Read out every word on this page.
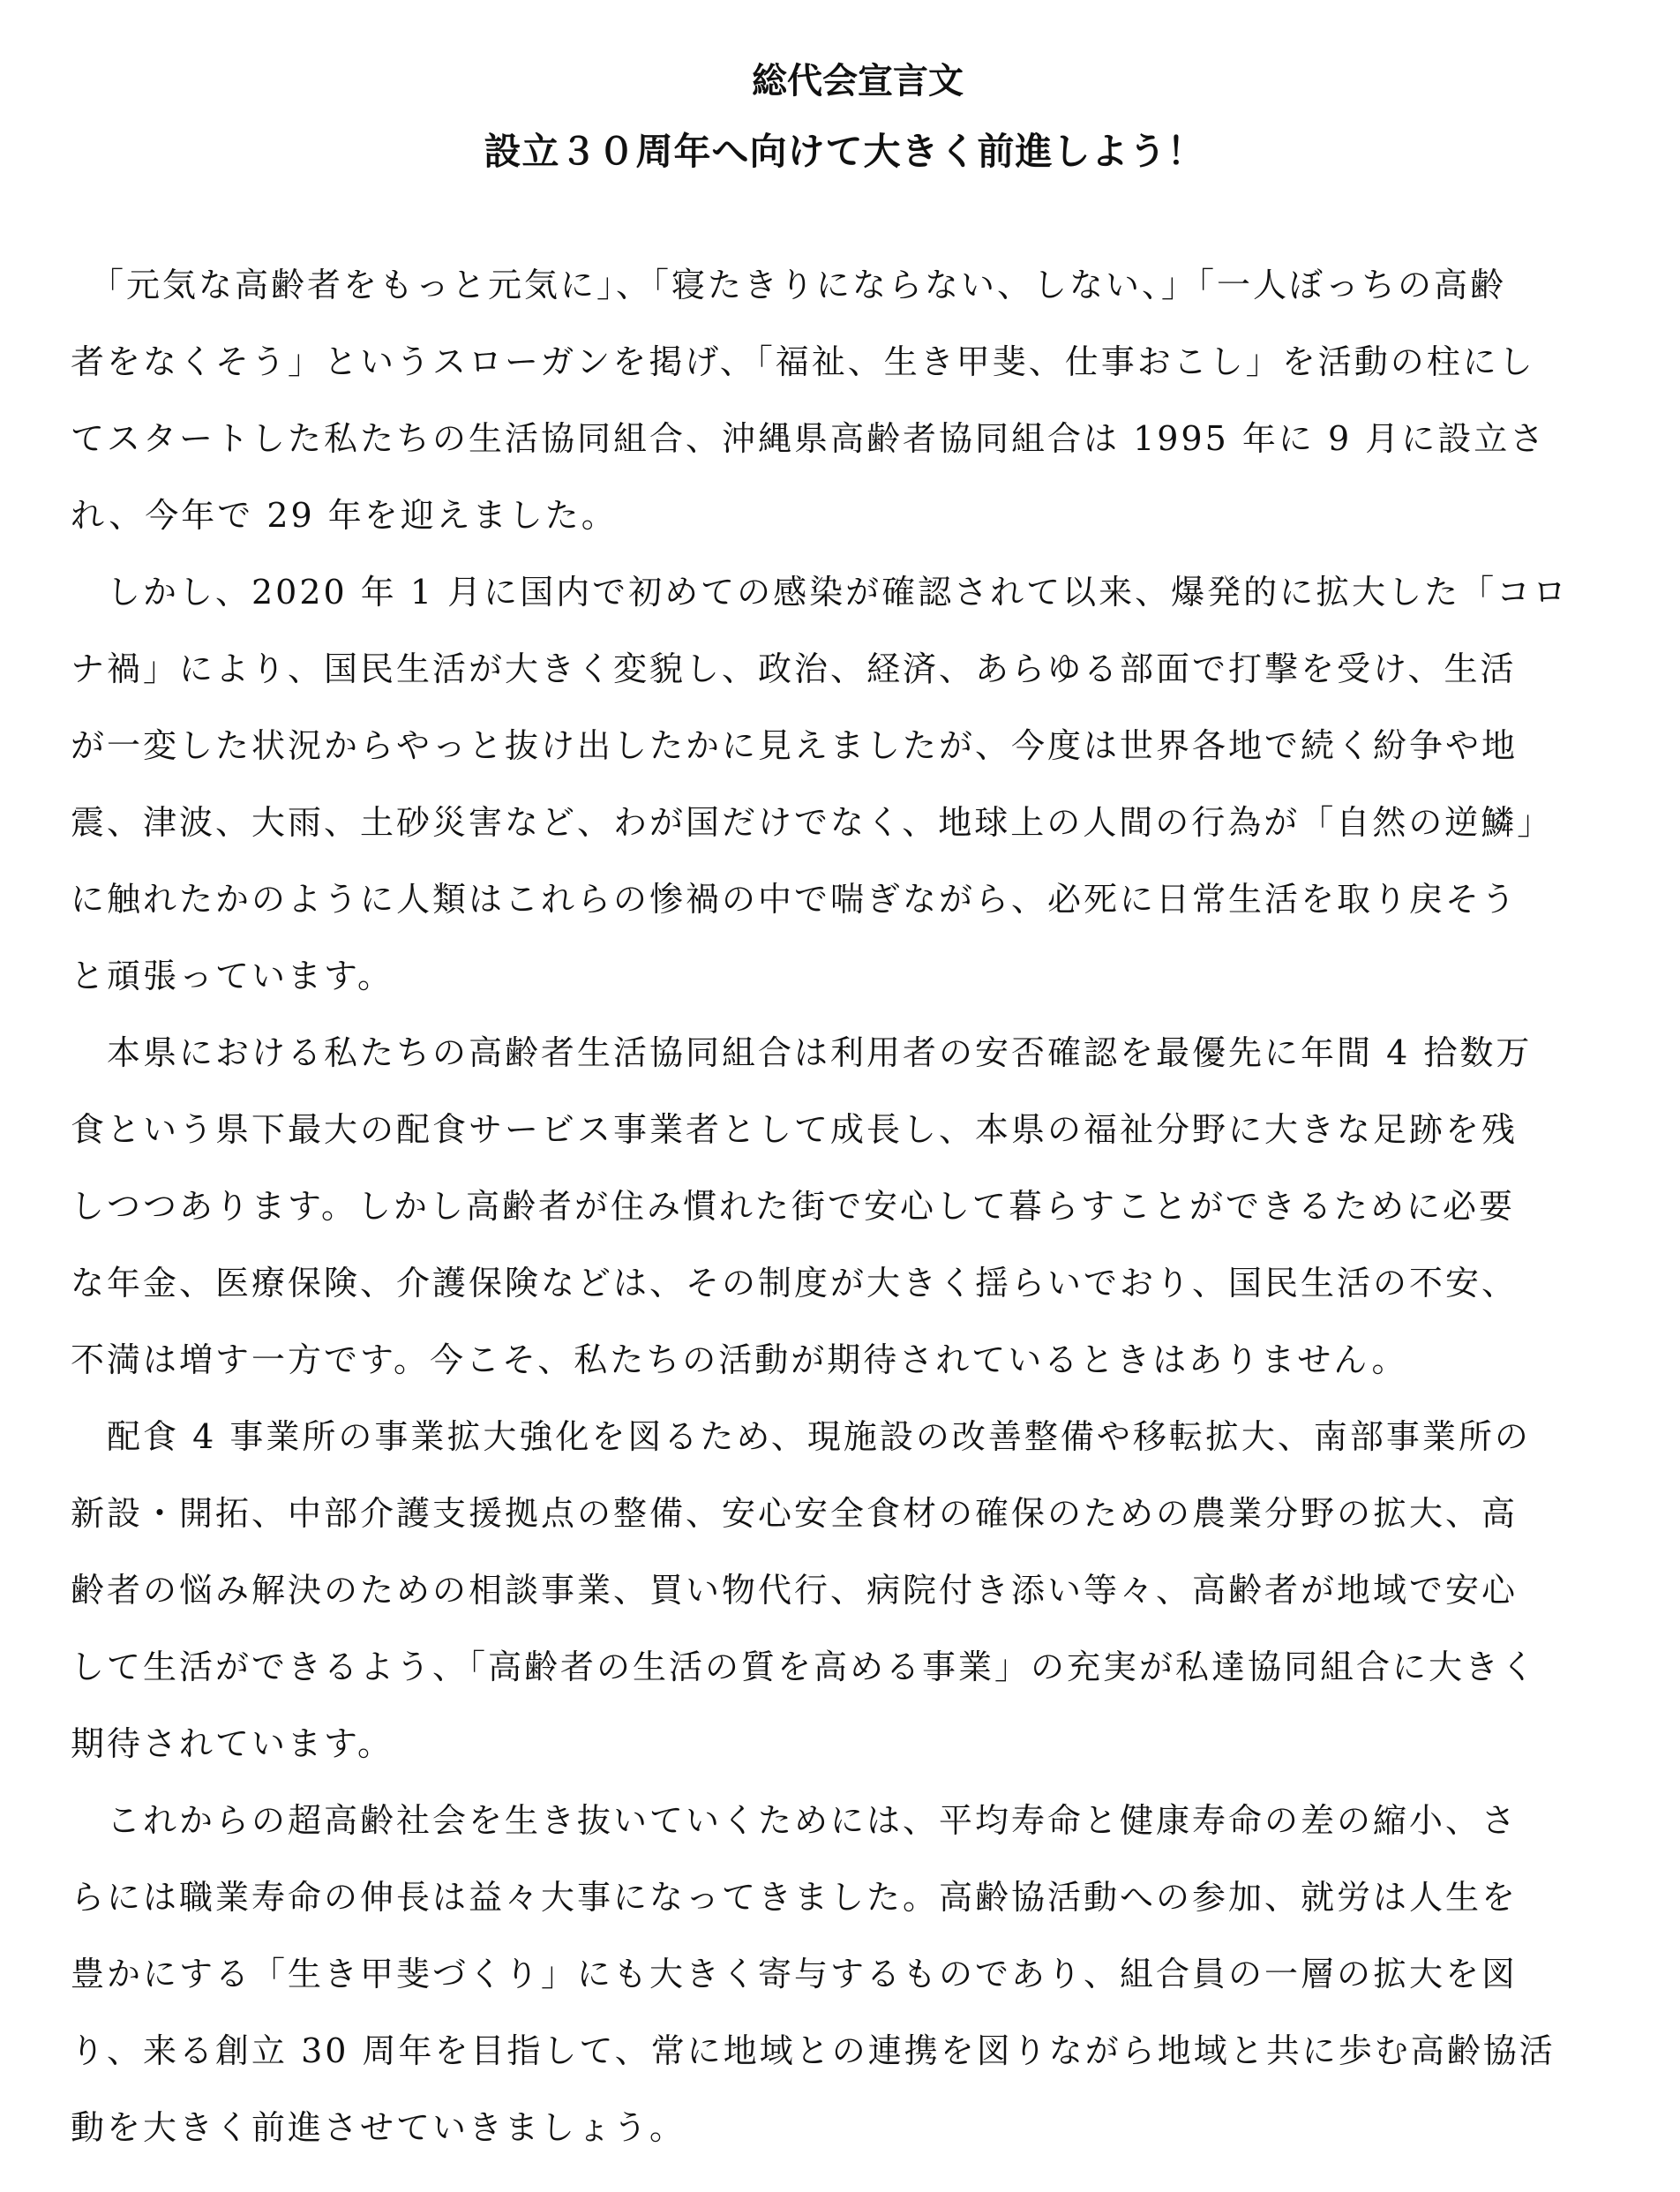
総代会宣言文
設立３０周年へ向けて大きく前進しよう！
　「元気な高齢者をもっと元気に」、「寝たきりにならない、しない、」「一人ぼっちの高齢
者をなくそう」というスローガンを掲げ、「福祉、生き甲斐、仕事おこし」を活動の柱にし
てスタートした私たちの生活協同組合、沖縄県高齢者協同組合は 1995 年に 9 月に設立さ
れ、今年で 29 年を迎えました。
　しかし、2020 年 1 月に国内で初めての感染が確認されて以来、爆発的に拡大した「コロ
ナ禍」により、国民生活が大きく変貌し、政治、経済、あらゆる部面で打撃を受け、生活
が一変した状況からやっと抜け出したかに見えましたが、今度は世界各地で続く紛争や地
震、津波、大雨、土砂災害など、わが国だけでなく、地球上の人間の行為が「自然の逆鱗」
に触れたかのように人類はこれらの惨禍の中で喘ぎながら、必死に日常生活を取り戻そう
と頑張っています。
　本県における私たちの高齢者生活協同組合は利用者の安否確認を最優先に年間 4 拾数万
食という県下最大の配食サービス事業者として成長し、本県の福祉分野に大きな足跡を残
しつつあります。しかし高齢者が住み慣れた街で安心して暮らすことができるために必要
な年金、医療保険、介護保険などは、その制度が大きく揺らいでおり、国民生活の不安、
不満は増す一方です。今こそ、私たちの活動が期待されているときはありません。
　配食 4 事業所の事業拡大強化を図るため、現施設の改善整備や移転拡大、南部事業所の
新設・開拓、中部介護支援拠点の整備、安心安全食材の確保のための農業分野の拡大、高
齢者の悩み解決のための相談事業、買い物代行、病院付き添い等々、高齢者が地域で安心
して生活ができるよう、「高齢者の生活の質を高める事業」の充実が私達協同組合に大きく
期待されています。
　これからの超高齢社会を生き抜いていくためには、平均寿命と健康寿命の差の縮小、さ
らには職業寿命の伸長は益々大事になってきました。高齢協活動への参加、就労は人生を
豊かにする「生き甲斐づくり」にも大きく寄与するものであり、組合員の一層の拡大を図
り、来る創立 30 周年を目指して、常に地域との連携を図りながら地域と共に歩む高齢協活
動を大きく前進させていきましょう。
